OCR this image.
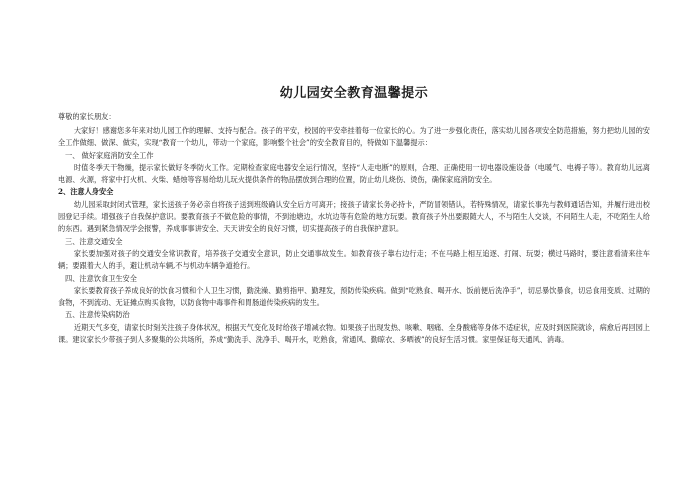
幼儿园安全教育温馨提示
尊敬的家长朋友：

大家好！感谢您多年来对幼儿园工作的理解、支持与配合。孩子的平安，校园的平安牵挂着每一位家长的心。为了进一步强化责任，落实幼儿园各项安全防范措施，努力把幼儿园的安全工作做细、做深、做实，实现“教育一个幼儿，带动一个家庭，影响整个社会”的安全教育目的，特做如下温馨提示：

一、 做好家庭消防安全工作

时值冬季天干物燥，提示家长做好冬季防火工作。定期检查家庭电器安全运行情况，坚持“人走电断”的原则，合理、正确使用一切电器设施设备（电暖气、电褥子等）。教育幼儿远离电源、火源，将家中打火机、火柴、蜡烛等容易给幼儿玩火提供条件的物品摆放到合理的位置，防止幼儿烧伤、烫伤，确保家庭消防安全。

2、注意人身安全

幼儿园采取封闭式管理，家长送孩子务必亲自将孩子送到班级确认安全后方可离开；接孩子请家长务必持卡，严防冒领错认，若特殊情况，请家长事先与教师通话告知，并履行进出校园登记手续。增强孩子自我保护意识。要教育孩子不做危险的事情，不到池塘边，水坑边等有危险的地方玩要。教育孩子外出要跟随大人，不与陌生人交谈，不问陌生人走，不吃陌生人给的东西。遇到紧急情况学会报警，养成事事讲安全、天天讲安全的良好习惯，切实提高孩子的自我保护意识。

三、注意交通安全

家长要加强对孩子的交通安全常识教育，培养孩子交通安全意识，防止交通事故发生。如教育孩子靠右边行走；不在马路上相互追逐、打闹、玩耍；横过马路时，要注意看清来往车辆；要跟着大人的手，避让机动车辆,不与机动车辆争道抢行。

四、注意饮食卫生安全

家长要教育孩子养成良好的饮食习惯和个人卫生习惯，勤洗澡、勤剪指甲、勤理发，预防传染疾病。做到“吃熟食、喝开水、饭前便后洗净手”，切忌暴饮暴食，切忌食用变质、过期的食物，不到流动、无证摊点购买食物，以防食物中毒事件和胃肠道传染疾病的发生。

五、注意传染病防治

近期天气多变，请家长时刻关注孩子身体状况，根据天气变化及时给孩子增减衣物。如果孩子出现发热、咳嗽、咽痛、全身酸痛等身体不适症状，应及时到医院就诊，病愈后再回园上课。建议家长少带孩子到人多聚集的公共场所，养成“勤洗手、洗净手、喝开水，吃熟食，常通风、勤晾衣、多晒被”的良好生活习惯。家里保证每天通风、消毒。
